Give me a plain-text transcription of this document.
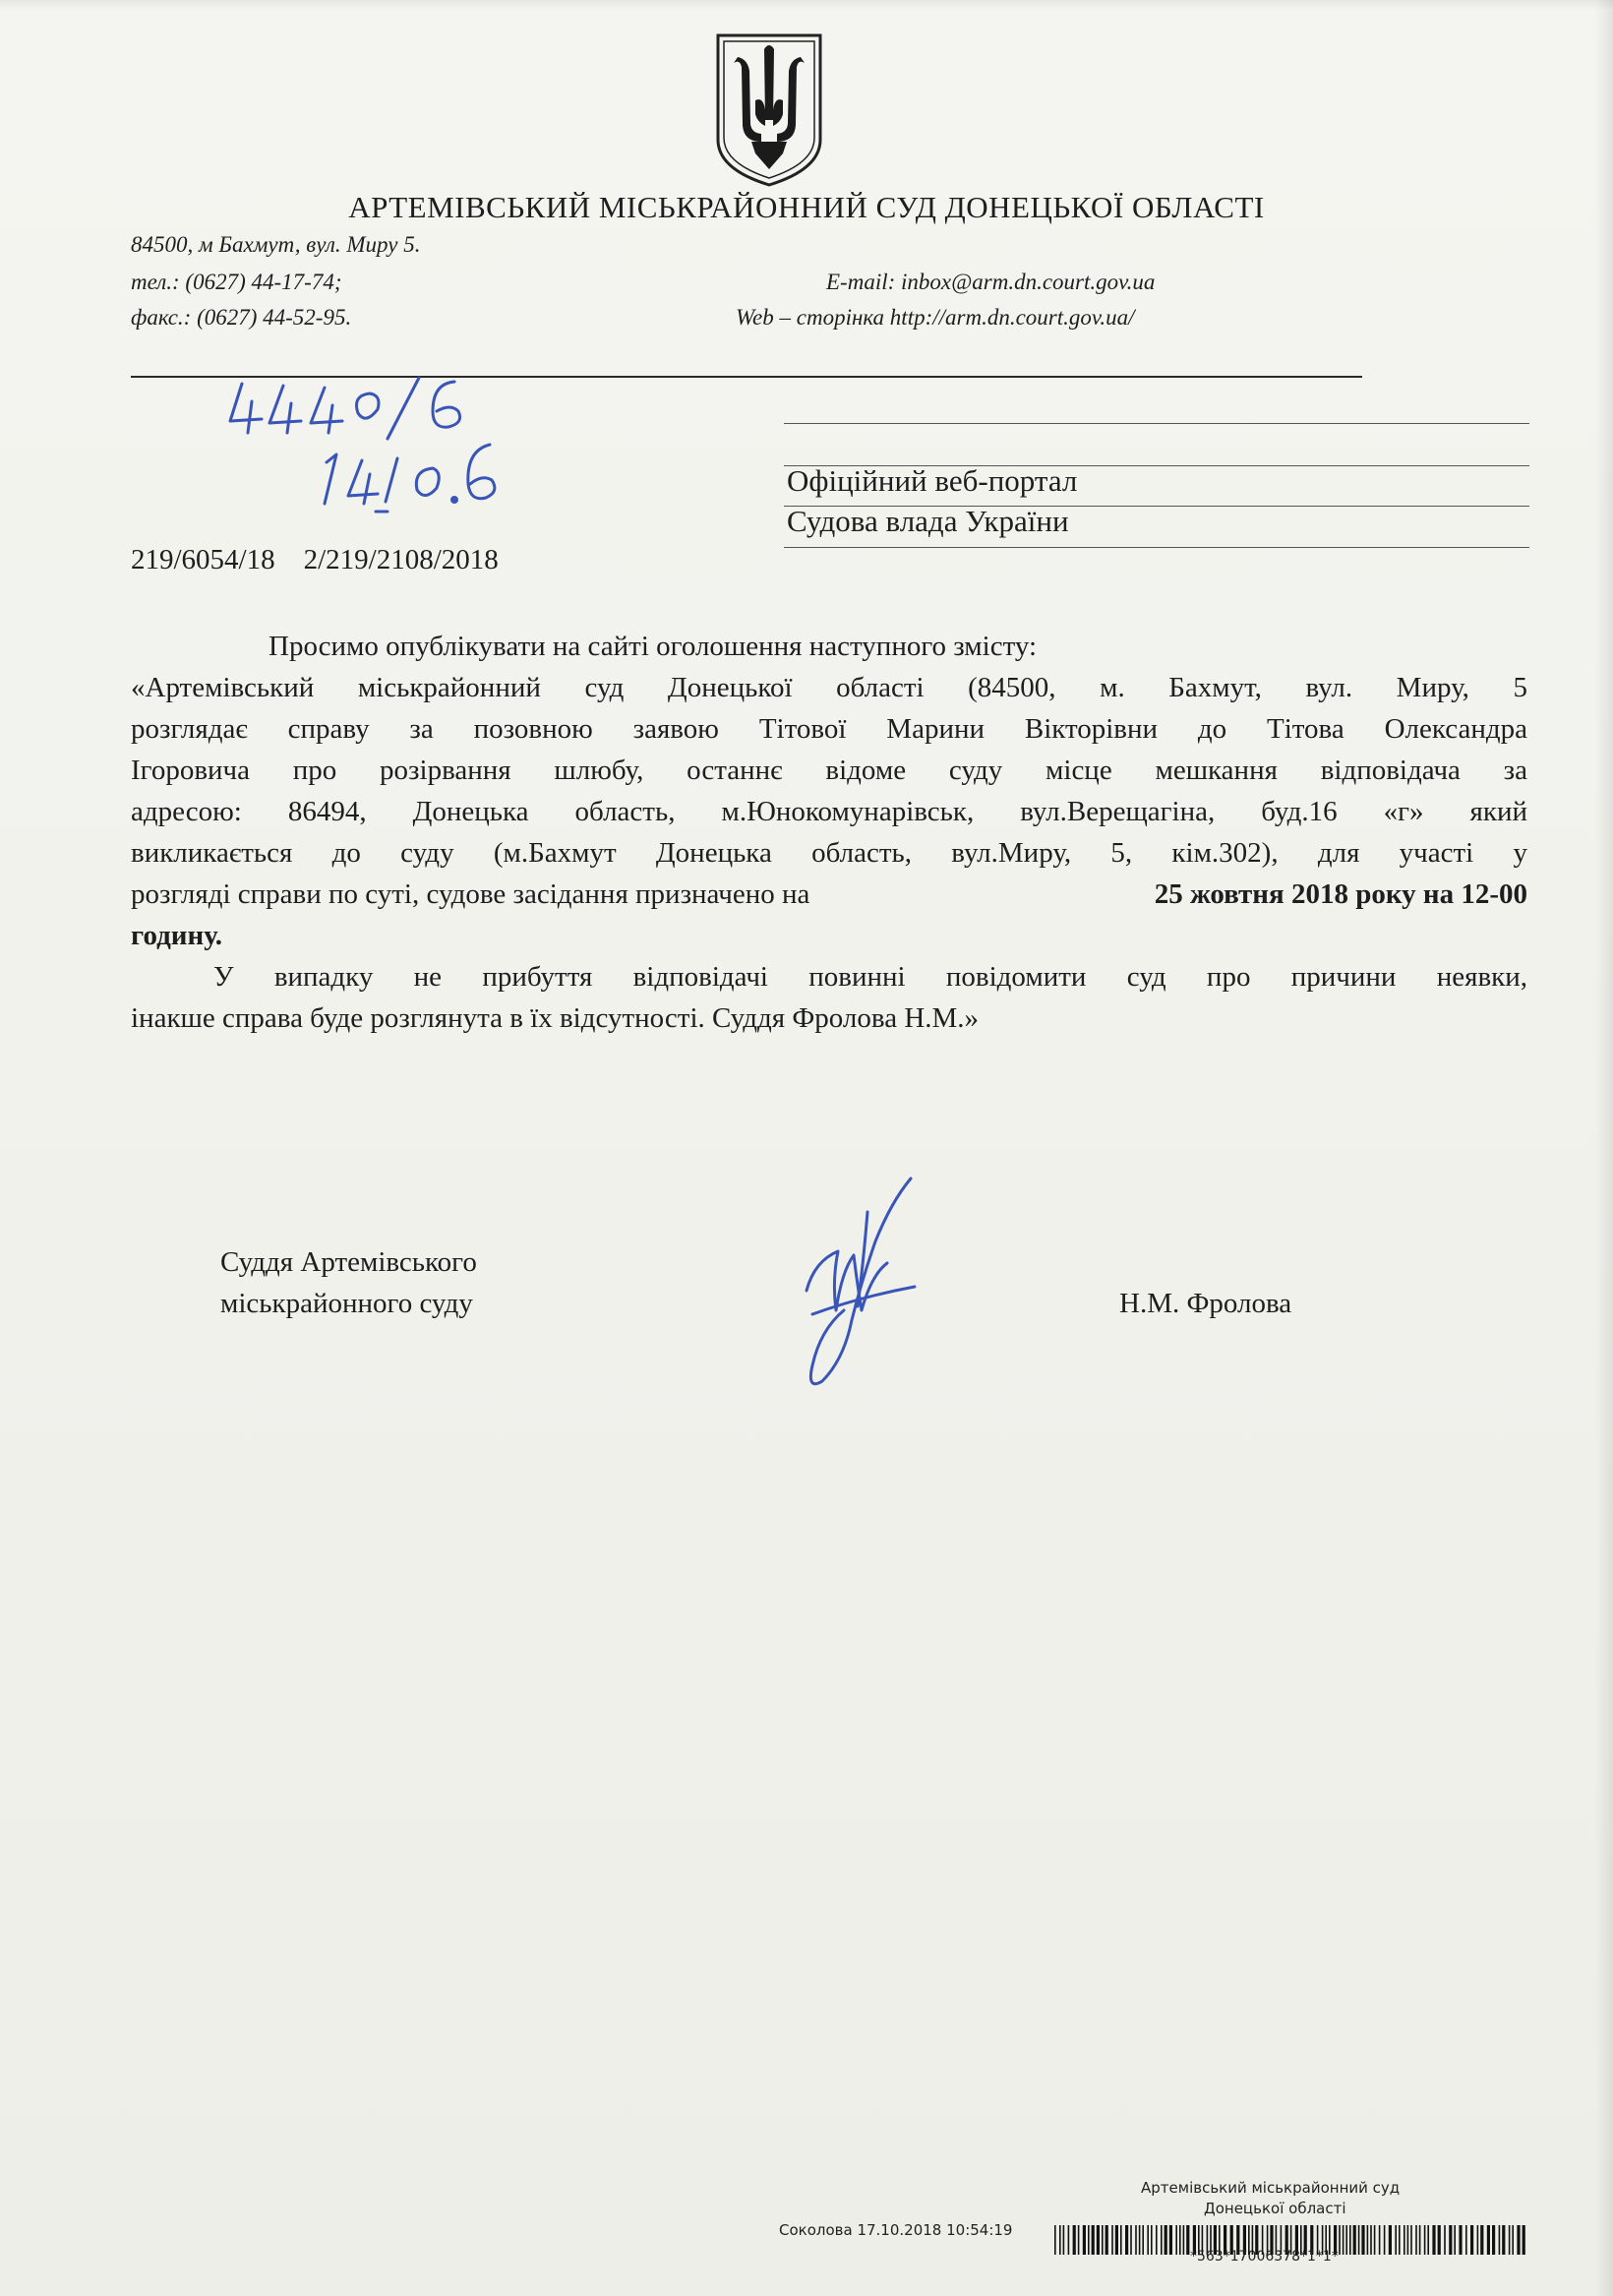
АРТЕМІВСЬКИЙ МІСЬКРАЙОННИЙ СУД ДОНЕЦЬКОЇ ОБЛАСТІ
84500, м Бахмут, вул. Миру 5.
тел.: (0627) 44-17-74;
факс.: (0627) 44-52-95.
E-mail: inbox@arm.dn.court.gov.ua
Web – сторінка http://arm.dn.court.gov.ua/
Офіційний веб-портал
Судова влада України
219/6054/18    2/219/2108/2018
Просимо опублікувати на сайті оголошення наступного змісту:
«Артемівський міськрайонний суд Донецької області (84500, м. Бахмут, вул. Миру, 5
розглядає справу за позовною заявою Тітової Марини Вікторівни до Тітова Олександра
Ігоровича про розірвання шлюбу, останнє відоме суду місце мешкання відповідача за
адресою: 86494, Донецька область, м.Юнокомунарівськ, вул.Верещагіна, буд.16 «г» який
викликається до суду (м.Бахмут Донецька область, вул.Миру, 5, кім.302), для участі у
розгляді справи по суті, судове засідання призначено на	25 жовтня 2018 року на 12-00
годину.
У випадку не прибуття відповідачі повинні повідомити суд про причини неявки,
інакше справа буде розглянута в їх відсутності. Суддя Фролова Н.М.»
Суддя Артемівського
міськрайонного суду	Н.М. Фролова
Артемівський міськрайонний суд
Донецької області
Соколова 17.10.2018 10:54:19
*563*17006378*1*1*
